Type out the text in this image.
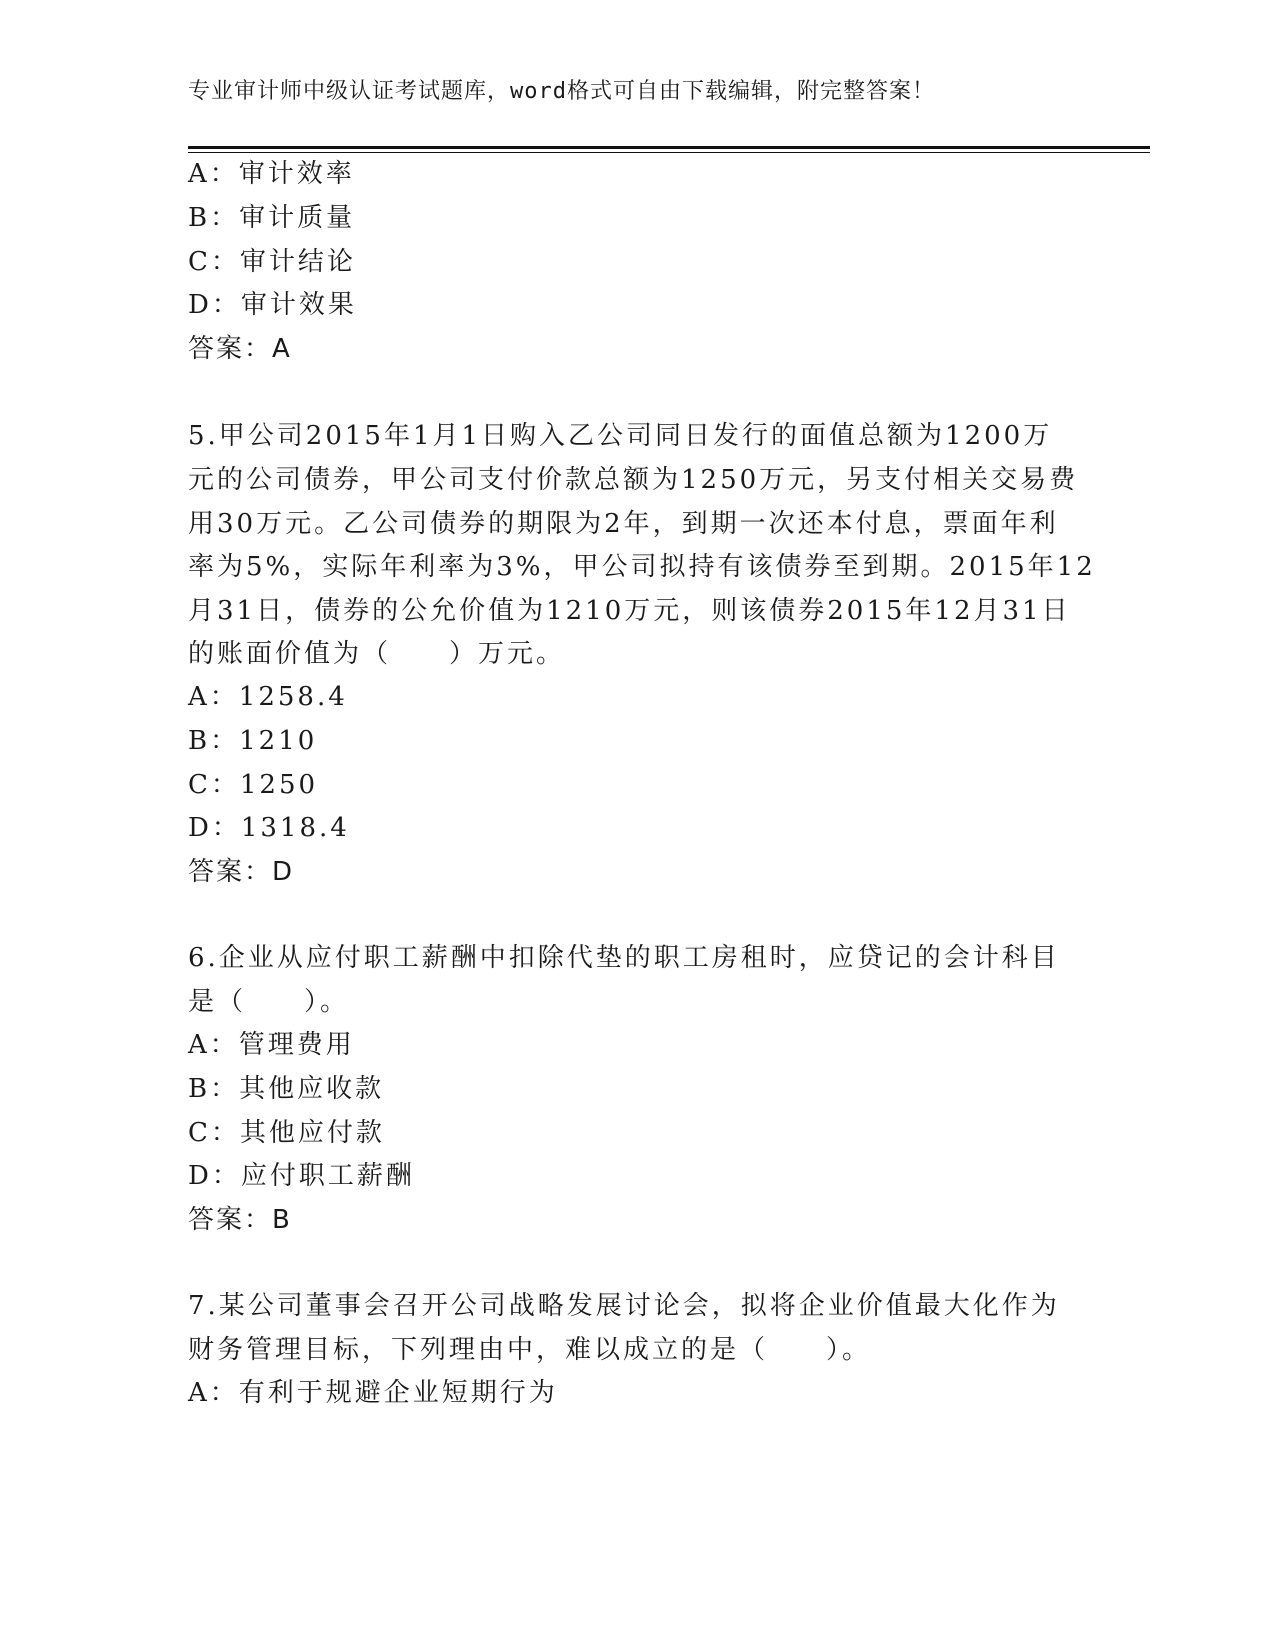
专业审计师中级认证考试题库，word格式可自由下载编辑，附完整答案！
A：审计效率
B：审计质量
C：审计结论
D：审计效果
答案：A
5.甲公司2015年1月1日购入乙公司同日发行的面值总额为1200万
元的公司债券，甲公司支付价款总额为1250万元，另支付相关交易费
用30万元。乙公司债券的期限为2年，到期一次还本付息，票面年利
率为5%，实际年利率为3%，甲公司拟持有该债券至到期。2015年12
月31日，债券的公允价值为1210万元，则该债券2015年12月31日
的账面价值为（　　）万元。
A：1258.4
B：1210
C：1250
D：1318.4
答案：D
6.企业从应付职工薪酬中扣除代垫的职工房租时，应贷记的会计科目
是（　　）。
A：管理费用
B：其他应收款
C：其他应付款
D：应付职工薪酬
答案：B
7.某公司董事会召开公司战略发展讨论会，拟将企业价值最大化作为
财务管理目标，下列理由中，难以成立的是（　　）。
A：有利于规避企业短期行为
